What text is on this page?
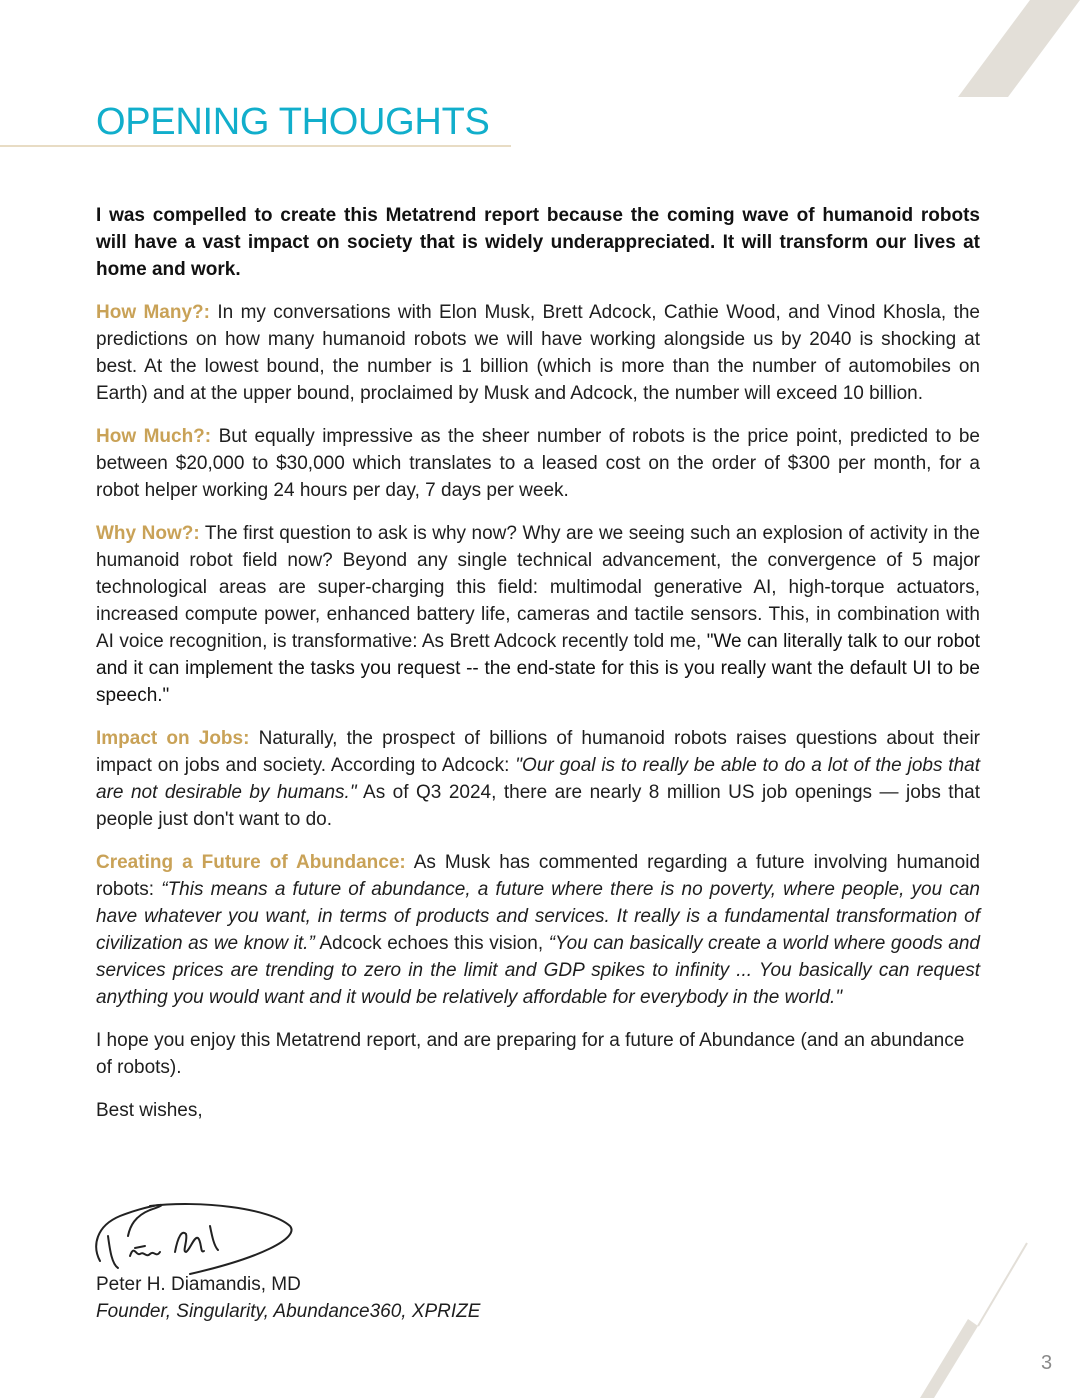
OPENING THOUGHTS

I was compelled to create this Metatrend report because the coming wave of humanoid robots will have a vast impact on society that is widely underappreciated. It will transform our lives at home and work.

How Many?: In my conversations with Elon Musk, Brett Adcock, Cathie Wood, and Vinod Khosla, the predictions on how many humanoid robots we will have working alongside us by 2040 is shocking at best. At the lowest bound, the number is 1 billion (which is more than the number of automobiles on Earth) and at the upper bound, proclaimed by Musk and Adcock, the number will exceed 10 billion.

How Much?: But equally impressive as the sheer number of robots is the price point, predicted to be between $20,000 to $30,000 which translates to a leased cost on the order of $300 per month, for a robot helper working 24 hours per day, 7 days per week.

Why Now?: The first question to ask is why now? Why are we seeing such an explosion of activity in the humanoid robot field now? Beyond any single technical advancement, the convergence of 5 major technological areas are super-charging this field: multimodal generative AI, high-torque actuators, increased compute power, enhanced battery life, cameras and tactile sensors. This, in combination with AI voice recognition, is transformative: As Brett Adcock recently told me, "We can literally talk to our robot and it can implement the tasks you request -- the end-state for this is you really want the default UI to be speech."

Impact on Jobs: Naturally, the prospect of billions of humanoid robots raises questions about their impact on jobs and society. According to Adcock: "Our goal is to really be able to do a lot of the jobs that are not desirable by humans." As of Q3 2024, there are nearly 8 million US job openings — jobs that people just don't want to do.

Creating a Future of Abundance: As Musk has commented regarding a future involving humanoid robots: “This means a future of abundance, a future where there is no poverty, where people, you can have whatever you want, in terms of products and services. It really is a fundamental transformation of civilization as we know it.” Adcock echoes this vision, “You can basically create a world where goods and services prices are trending to zero in the limit and GDP spikes to infinity ... You basically can request anything you would want and it would be relatively affordable for everybody in the world."

I hope you enjoy this Metatrend report, and are preparing for a future of Abundance (and an abundance of robots).

Best wishes,

Peter H. Diamandis, MD
Founder, Singularity, Abundance360, XPRIZE
3
